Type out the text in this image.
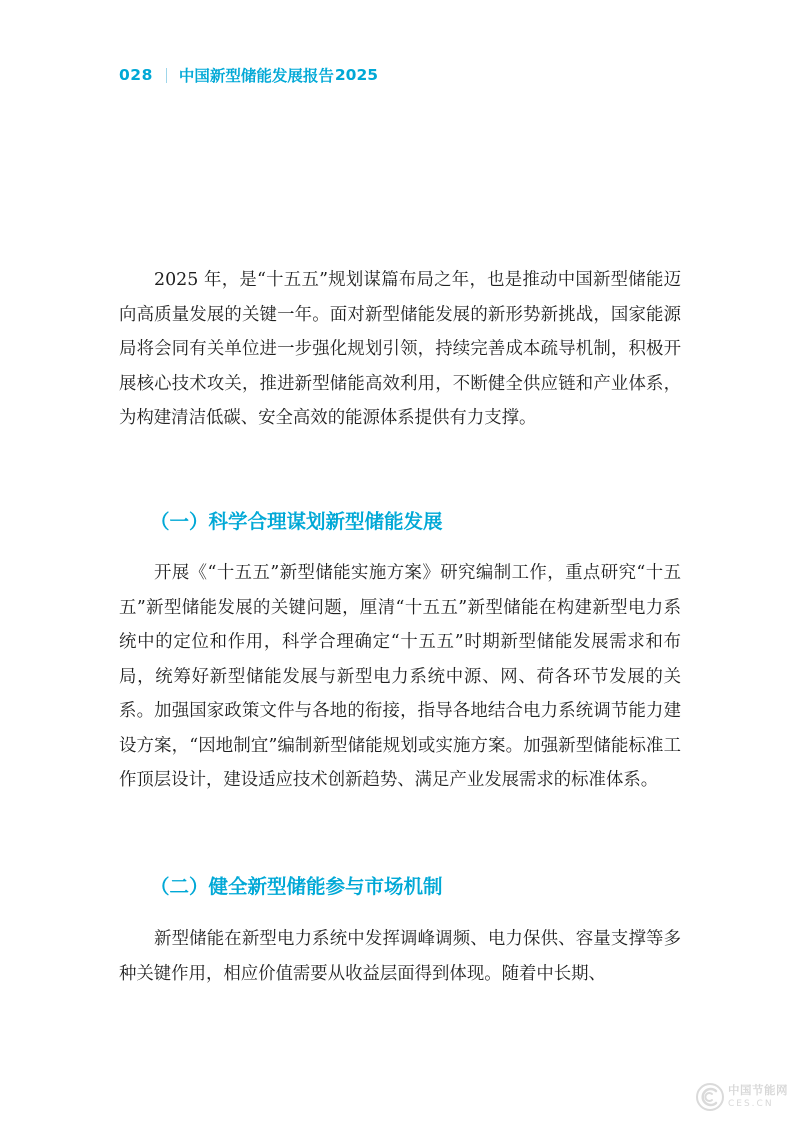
028 中国新型储能发展报告 2025

2025 年，是“十五五”规划谋篇布局之年，也是推动中国新型储能迈向高质量发展的关键一年。面对新型储能发展的新形势新挑战，国家能源局将会同有关单位进一步强化规划引领，持续完善成本疏导机制，积极开展核心技术攻关，推进新型储能高效利用，不断健全供应链和产业体系，为构建清洁低碳、安全高效的能源体系提供有力支撑。

（一）科学合理谋划新型储能发展

开展《“十五五”新型储能实施方案》研究编制工作，重点研究“十五五”新型储能发展的关键问题，厘清“十五五”新型储能在构建新型电力系统中的定位和作用，科学合理确定“十五五”时期新型储能发展需求和布局，统筹好新型储能发展与新型电力系统中源、网、荷各环节发展的关系。加强国家政策文件与各地的衔接，指导各地结合电力系统调节能力建设方案，“因地制宜”编制新型储能规划或实施方案。加强新型储能标准工作顶层设计，建设适应技术创新趋势、满足产业发展需求的标准体系。

（二）健全新型储能参与市场机制

新型储能在新型电力系统中发挥调峰调频、电力保供、容量支撑等多种关键作用，相应价值需要从收益层面得到体现。随着中长期、

中国节能网
CES.CN
